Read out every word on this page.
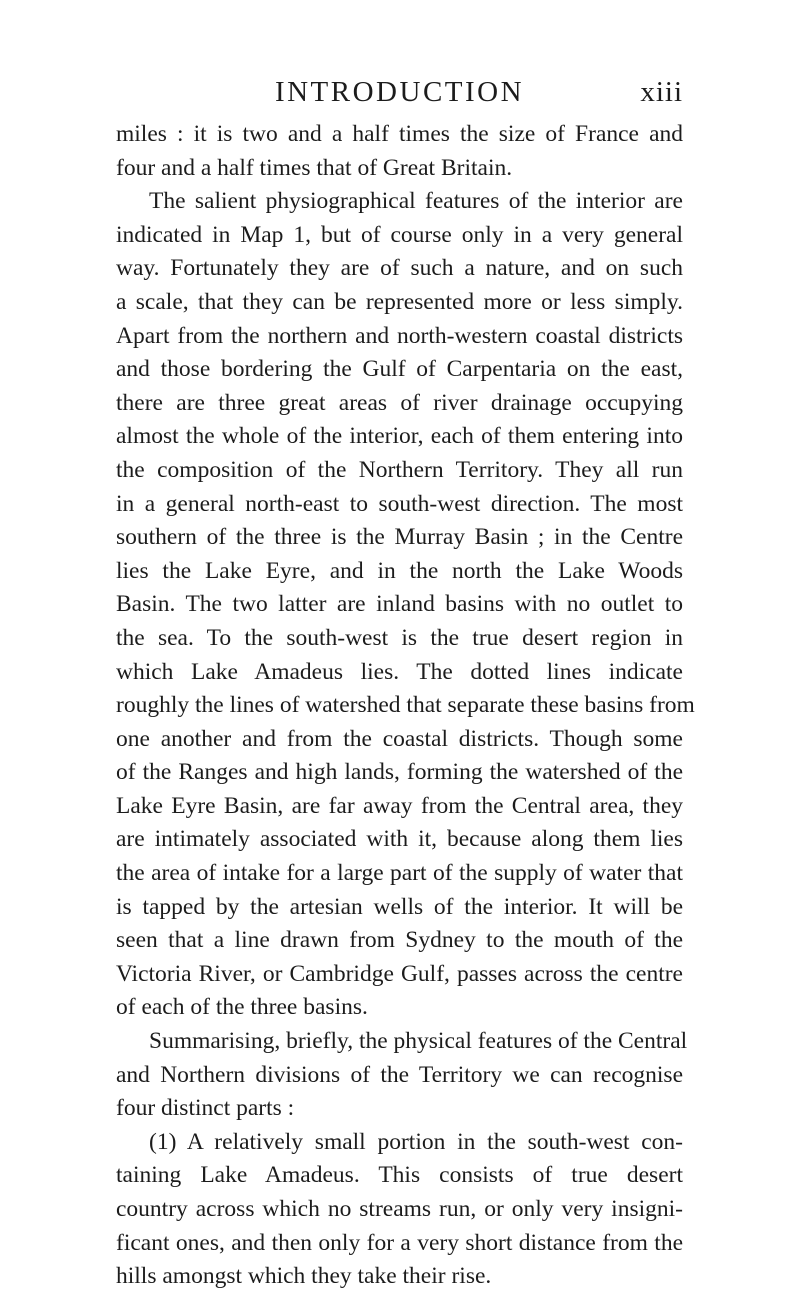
INTRODUCTION	xiii
miles : it is two and a half times the size of France and
four and a half times that of Great Britain.
The salient physiographical features of the interior are
indicated in Map 1, but of course only in a very general
way. Fortunately they are of such a nature, and on such
a scale, that they can be represented more or less simply.
Apart from the northern and north-western coastal districts
and those bordering the Gulf of Carpentaria on the east,
there are three great areas of river drainage occupying
almost the whole of the interior, each of them entering into
the composition of the Northern Territory. They all run
in a general north-east to south-west direction. The most
southern of the three is the Murray Basin ; in the Centre
lies the Lake Eyre, and in the north the Lake Woods
Basin. The two latter are inland basins with no outlet to
the sea. To the south-west is the true desert region in
which Lake Amadeus lies. The dotted lines indicate
roughly the lines of watershed that separate these basins from
one another and from the coastal districts. Though some
of the Ranges and high lands, forming the watershed of the
Lake Eyre Basin, are far away from the Central area, they
are intimately associated with it, because along them lies
the area of intake for a large part of the supply of water that
is tapped by the artesian wells of the interior. It will be
seen that a line drawn from Sydney to the mouth of the
Victoria River, or Cambridge Gulf, passes across the centre
of each of the three basins.
Summarising, briefly, the physical features of the Central
and Northern divisions of the Territory we can recognise
four distinct parts :
(1) A relatively small portion in the south-west con-
taining Lake Amadeus. This consists of true desert
country across which no streams run, or only very insigni-
ficant ones, and then only for a very short distance from the
hills amongst which they take their rise.
